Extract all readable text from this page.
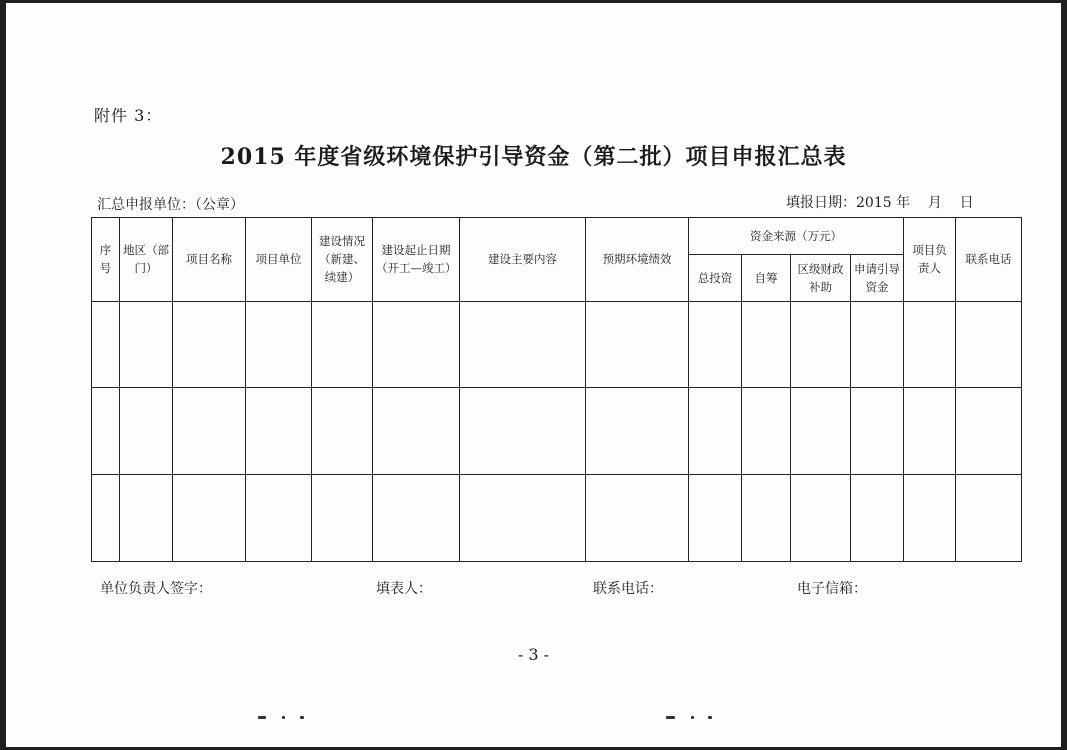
附件 3：
2015 年度省级环境保护引导资金（第二批）项目申报汇总表
汇总申报单位：（公章）	填报日期：2015 年    月    日
序号	地区（部门）	项目名称	项目单位	建设情况（新建、续建）	建设起止日期（开工—竣工）	建设主要内容	预期环境绩效	资金来源（万元）				项目负责人	联系电话
								总投资	自筹	区级财政补助	申请引导资金		

单位负责人签字：	填表人：	联系电话：	电子信箱：
- 3 -
